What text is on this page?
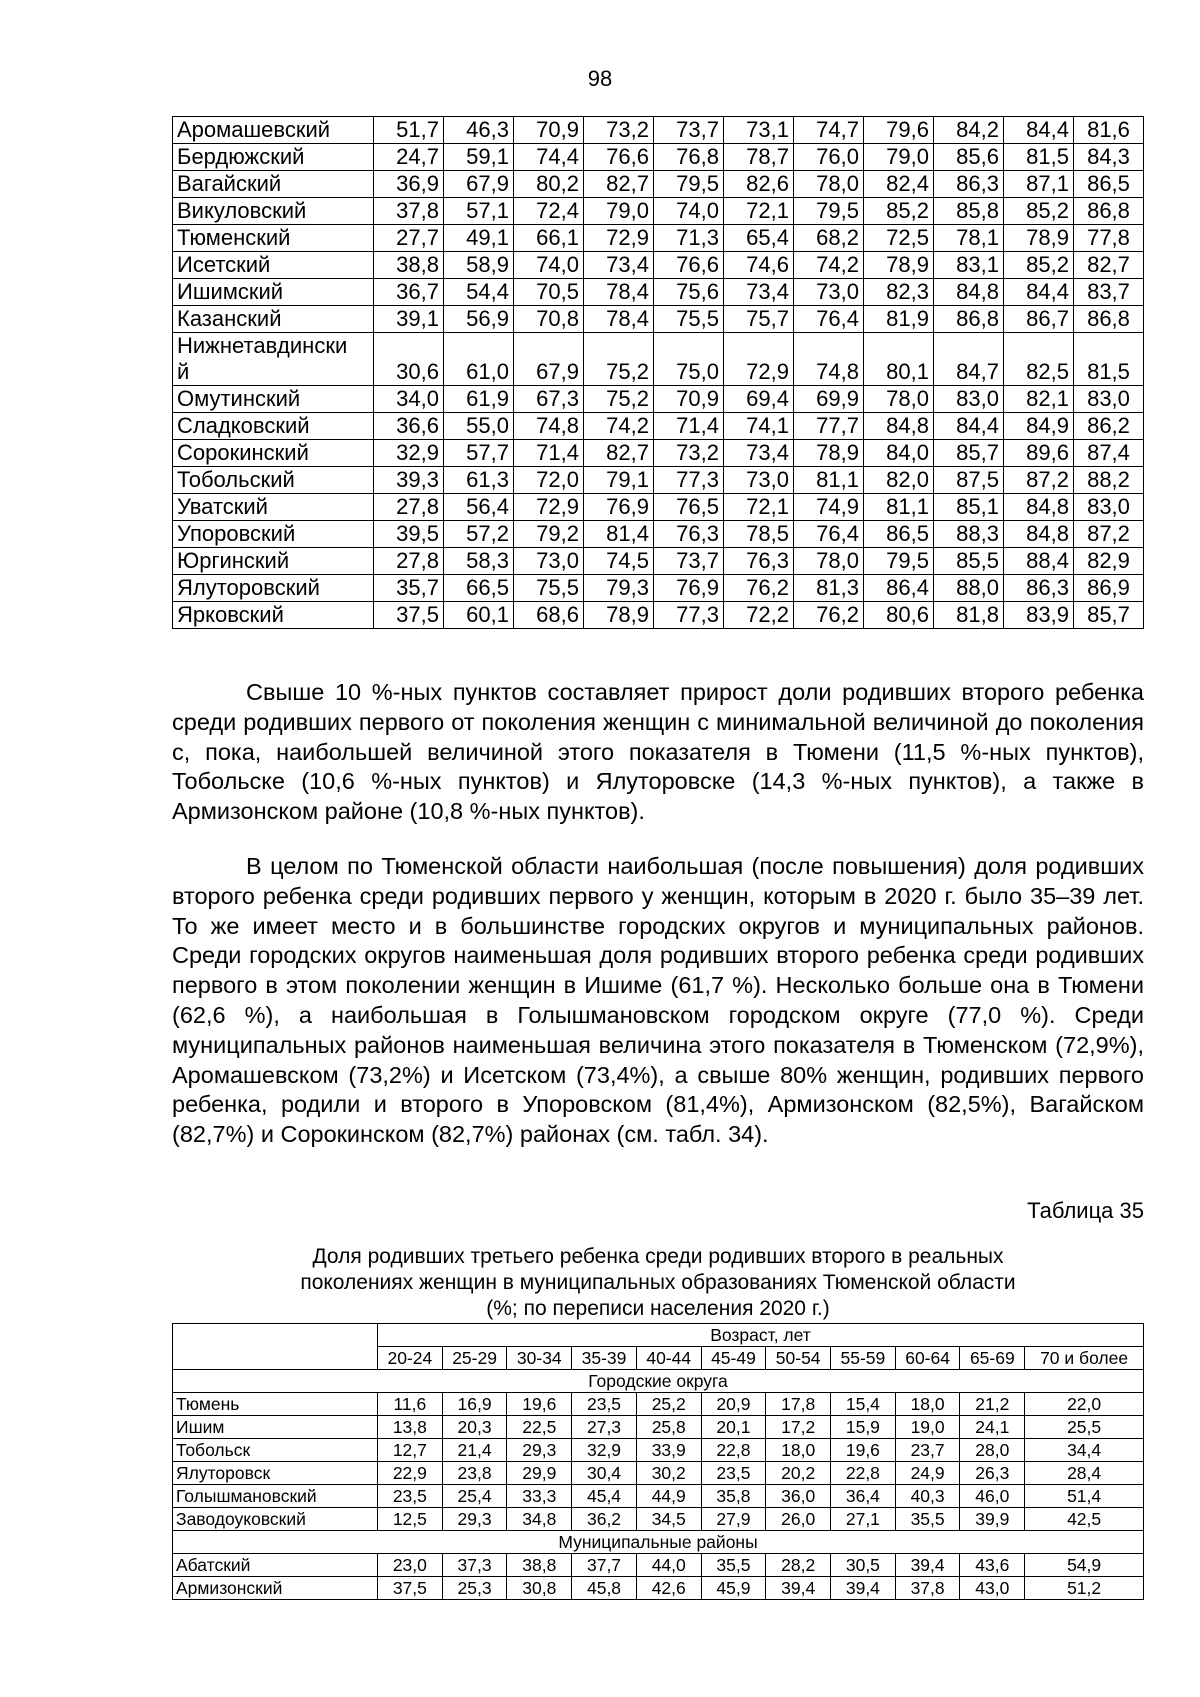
98
Аромашевский	51,7	46,3	70,9	73,2	73,7	73,1	74,7	79,6	84,2	84,4	81,6
Бердюжский	24,7	59,1	74,4	76,6	76,8	78,7	76,0	79,0	85,6	81,5	84,3
Вагайский	36,9	67,9	80,2	82,7	79,5	82,6	78,0	82,4	86,3	87,1	86,5
Викуловский	37,8	57,1	72,4	79,0	74,0	72,1	79,5	85,2	85,8	85,2	86,8
Тюменский	27,7	49,1	66,1	72,9	71,3	65,4	68,2	72,5	78,1	78,9	77,8
Исетский	38,8	58,9	74,0	73,4	76,6	74,6	74,2	78,9	83,1	85,2	82,7
Ишимский	36,7	54,4	70,5	78,4	75,6	73,4	73,0	82,3	84,8	84,4	83,7
Казанский	39,1	56,9	70,8	78,4	75,5	75,7	76,4	81,9	86,8	86,7	86,8
Нижнетавдински
й	30,6	61,0	67,9	75,2	75,0	72,9	74,8	80,1	84,7	82,5	81,5
Омутинский	34,0	61,9	67,3	75,2	70,9	69,4	69,9	78,0	83,0	82,1	83,0
Сладковский	36,6	55,0	74,8	74,2	71,4	74,1	77,7	84,8	84,4	84,9	86,2
Сорокинский	32,9	57,7	71,4	82,7	73,2	73,4	78,9	84,0	85,7	89,6	87,4
Тобольский	39,3	61,3	72,0	79,1	77,3	73,0	81,1	82,0	87,5	87,2	88,2
Уватский	27,8	56,4	72,9	76,9	76,5	72,1	74,9	81,1	85,1	84,8	83,0
Упоровский	39,5	57,2	79,2	81,4	76,3	78,5	76,4	86,5	88,3	84,8	87,2
Юргинский	27,8	58,3	73,0	74,5	73,7	76,3	78,0	79,5	85,5	88,4	82,9
Ялуторовский	35,7	66,5	75,5	79,3	76,9	76,2	81,3	86,4	88,0	86,3	86,9
Ярковский	37,5	60,1	68,6	78,9	77,3	72,2	76,2	80,6	81,8	83,9	85,7

Свыше 10 %-ных пунктов составляет прирост доли родивших второго ребенка среди родивших первого от поколения женщин с минимальной величиной до поколения с, пока, наибольшей величиной этого показателя в Тюмени (11,5 %-ных пунктов), Тобольске (10,6 %-ных пунктов) и Ялуторовске (14,3 %-ных пунктов), а также в Армизонском районе (10,8 %-ных пунктов).

В целом по Тюменской области наибольшая (после повышения) доля родивших второго ребенка среди родивших первого у женщин, которым в 2020 г. было 35–39 лет. То же имеет место и в большинстве городских округов и муниципальных районов. Среди городских округов наименьшая доля родивших второго ребенка среди родивших первого в этом поколении женщин в Ишиме (61,7 %). Несколько больше она в Тюмени (62,6 %), а наибольшая в Голышмановском городском округе (77,0 %). Среди муниципальных районов наименьшая величина этого показателя в Тюменском (72,9%), Аромашевском (73,2%) и Исетском (73,4%), а свыше 80% женщин, родивших первого ребенка, родили и второго в Упоровском (81,4%), Армизонском (82,5%), Вагайском (82,7%) и Сорокинском (82,7%) районах (см. табл. 34).

Таблица 35

Доля родивших третьего ребенка среди родивших второго в реальных
поколениях женщин в муниципальных образованиях Тюменской области
(%; по переписи населения 2020 г.)

	Возраст, лет										
	20-24	25-29	30-34	35-39	40-44	45-49	50-54	55-59	60-64	65-69	70 и более
Городские округа											
Тюмень	11,6	16,9	19,6	23,5	25,2	20,9	17,8	15,4	18,0	21,2	22,0
Ишим	13,8	20,3	22,5	27,3	25,8	20,1	17,2	15,9	19,0	24,1	25,5
Тобольск	12,7	21,4	29,3	32,9	33,9	22,8	18,0	19,6	23,7	28,0	34,4
Ялуторовск	22,9	23,8	29,9	30,4	30,2	23,5	20,2	22,8	24,9	26,3	28,4
Голышмановский	23,5	25,4	33,3	45,4	44,9	35,8	36,0	36,4	40,3	46,0	51,4
Заводоуковский	12,5	29,3	34,8	36,2	34,5	27,9	26,0	27,1	35,5	39,9	42,5
Муниципальные районы											
Абатский	23,0	37,3	38,8	37,7	44,0	35,5	28,2	30,5	39,4	43,6	54,9
Армизонский	37,5	25,3	30,8	45,8	42,6	45,9	39,4	39,4	37,8	43,0	51,2
